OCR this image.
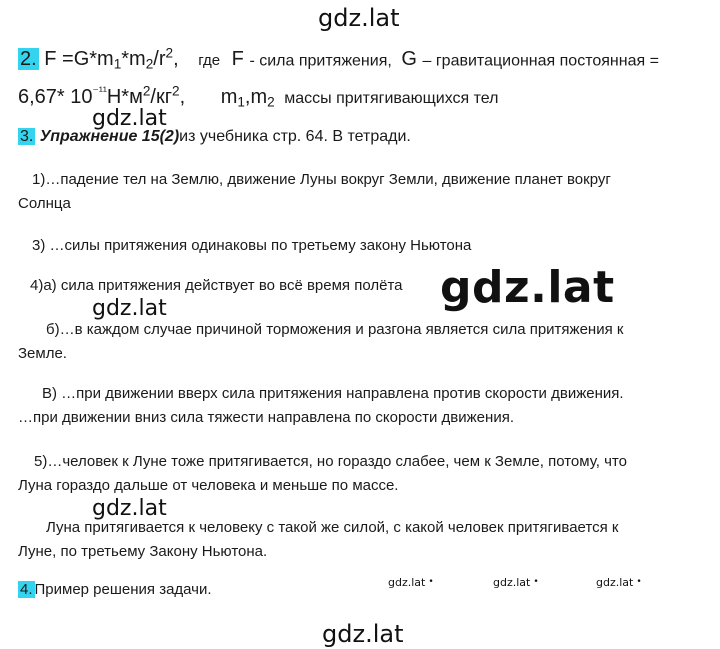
gdz.lat
gdz.lat
gdz.lat
gdz.lat
gdz.lat
2. $F =G*m_1*m_2/r^2$, где F - сила притяжения, G – гравитационная постоянная =
6,67* $10^{^{-11}}Н*м^2/кг^2$, $m_1,m_2$ массы притягивающихся тел
3. Упражнение 15(2)из учебника стр. 64. В тетради.
1)…падение тел на Землю, движение Луны вокруг Земли, движение планет вокруг
Солнца
3) …силы притяжения одинаковы по третьему закону Ньютона
4)а) сила притяжения действует во всё время полёта
б)…в каждом случае причиной торможения и разгона является сила притяжения к
Земле.
В) …при движении вверх сила притяжения направлена против скорости движения.
…при движении вниз сила тяжести направлена по скорости движения.
5)…человек к Луне тоже притягивается, но гораздо слабее, чем к Земле, потому, что
Луна гораздо дальше от человека и меньше по массе.
Луна притягивается к человеку с такой же силой, с какой человек притягивается к
Луне, по третьему Закону Ньютона.
4. Пример решения задачи.	gdz.lat •	gdz.lat •	gdz.lat •
gdz.lat
